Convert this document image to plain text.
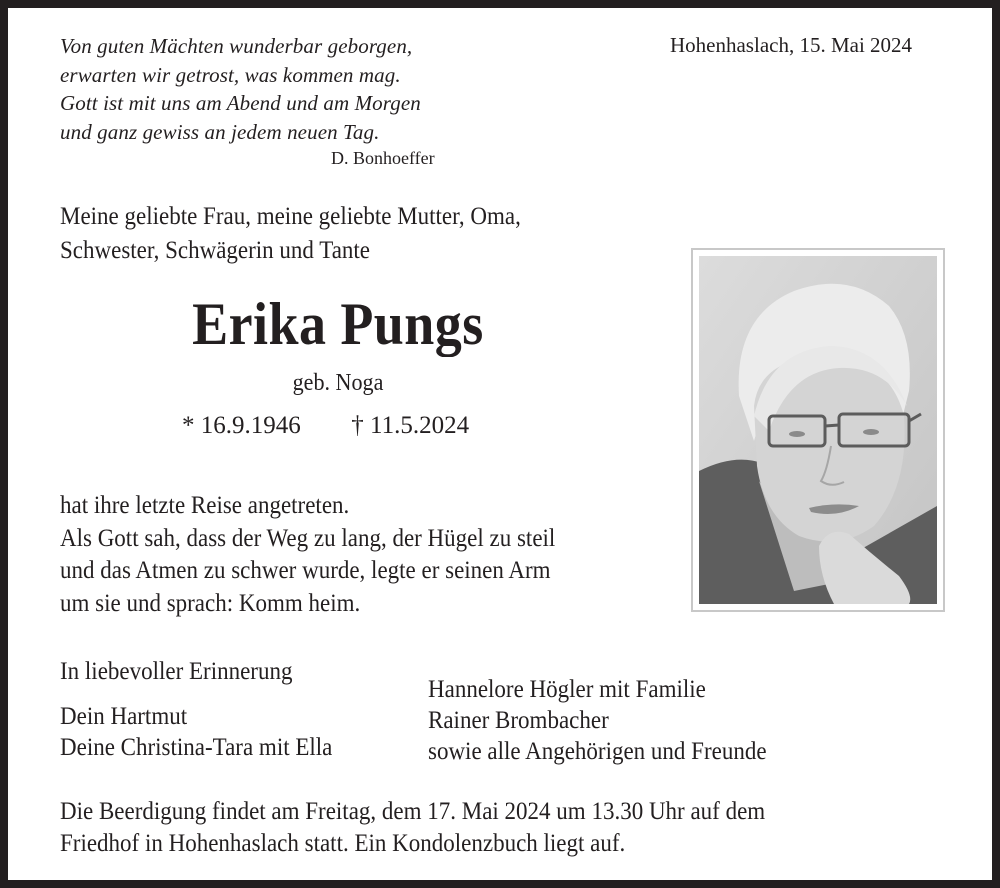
Von guten Mächten wunderbar geborgen,
erwarten wir getrost, was kommen mag.
Gott ist mit uns am Abend und am Morgen
und ganz gewiss an jedem neuen Tag.
D. Bonhoeffer
Hohenhaslach, 15. Mai 2024
Meine geliebte Frau, meine geliebte Mutter, Oma,
Schwester, Schwägerin und Tante
Erika Pungs
geb. Noga
* 16.9.1946 † 11.5.2024
hat ihre letzte Reise angetreten.
Als Gott sah, dass der Weg zu lang, der Hügel zu steil
und das Atmen zu schwer wurde, legte er seinen Arm
um sie und sprach: Komm heim.
In liebevoller Erinnerung
Dein Hartmut
Deine Christina-Tara mit Ella
Hannelore Högler mit Familie
Rainer Brombacher
sowie alle Angehörigen und Freunde
Die Beerdigung findet am Freitag, dem 17. Mai 2024 um 13.30 Uhr auf dem
Friedhof in Hohenhaslach statt. Ein Kondolenzbuch liegt auf.
